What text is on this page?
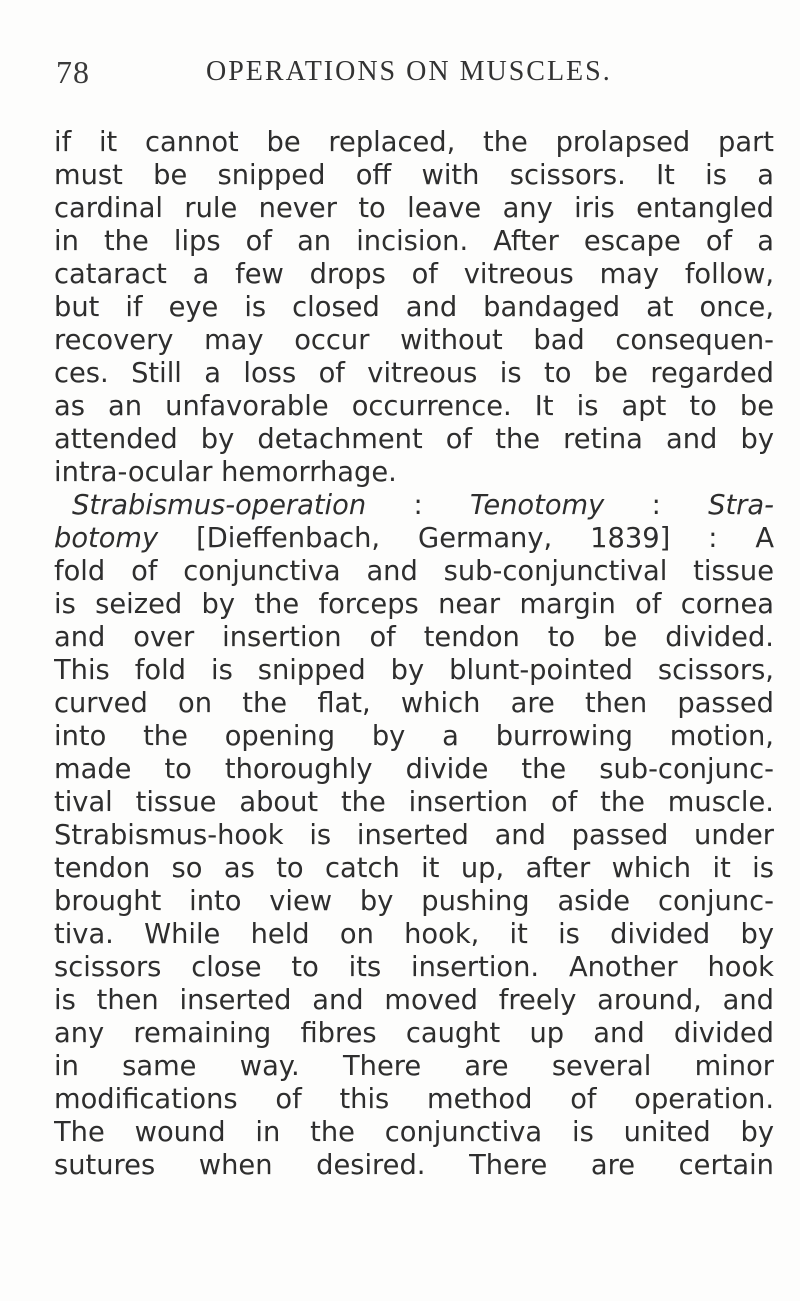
78	OPERATIONS ON MUSCLES.
if it cannot be replaced, the prolapsed part
must be snipped off with scissors. It is a
cardinal rule never to leave any iris entangled
in the lips of an incision. After escape of a
cataract a few drops of vitreous may follow,
but if eye is closed and bandaged at once,
recovery may occur without bad consequen-
ces. Still a loss of vitreous is to be regarded
as an unfavorable occurrence. It is apt to be
attended by detachment of the retina and by
intra-ocular hemorrhage.
Strabismus-operation : Tenotomy : Stra-
botomy [Dieffenbach, Germany, 1839] : A
fold of conjunctiva and sub-conjunctival tissue
is seized by the forceps near margin of cornea
and over insertion of tendon to be divided.
This fold is snipped by blunt-pointed scissors,
curved on the flat, which are then passed
into the opening by a burrowing motion,
made to thoroughly divide the sub-conjunc-
tival tissue about the insertion of the muscle.
Strabismus-hook is inserted and passed under
tendon so as to catch it up, after which it is
brought into view by pushing aside conjunc-
tiva. While held on hook, it is divided by
scissors close to its insertion. Another hook
is then inserted and moved freely around, and
any remaining fibres caught up and divided
in same way. There are several minor
modifications of this method of operation.
The wound in the conjunctiva is united by
sutures when desired. There are certain
